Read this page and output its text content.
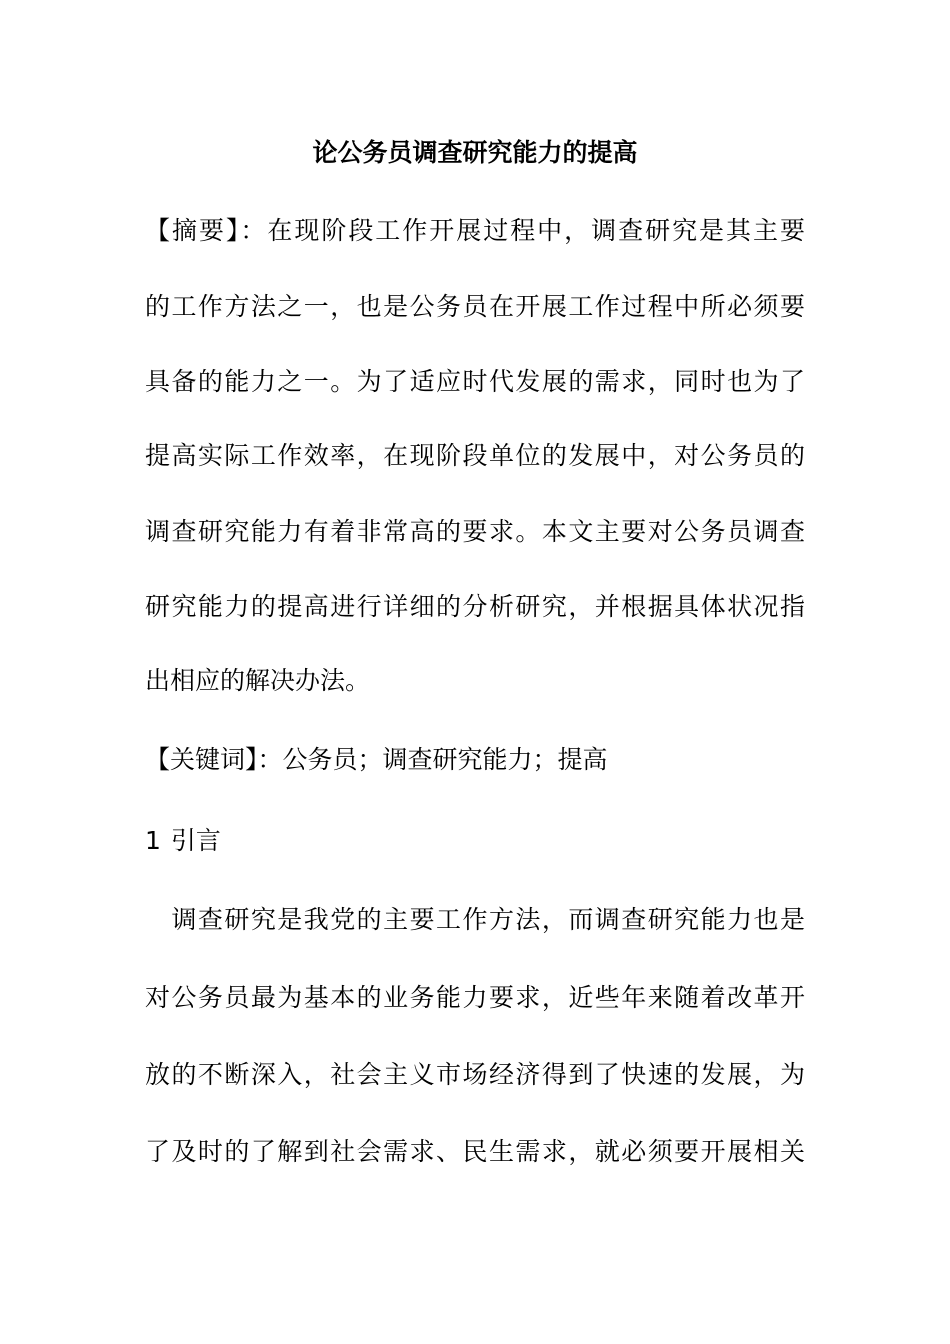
论公务员调查研究能力的提高
【摘要】：在现阶段工作开展过程中，调查研究是其主要
的工作方法之一，也是公务员在开展工作过程中所必须要
具备的能力之一。为了适应时代发展的需求，同时也为了
提高实际工作效率，在现阶段单位的发展中，对公务员的
调查研究能力有着非常高的要求。本文主要对公务员调查
研究能力的提高进行详细的分析研究，并根据具体状况指
出相应的解决办法。
【关键词】：公务员；调查研究能力；提高
1 引言
　调查研究是我党的主要工作方法，而调查研究能力也是
对公务员最为基本的业务能力要求，近些年来随着改革开
放的不断深入，社会主义市场经济得到了快速的发展，为
了及时的了解到社会需求、民生需求，就必须要开展相关
